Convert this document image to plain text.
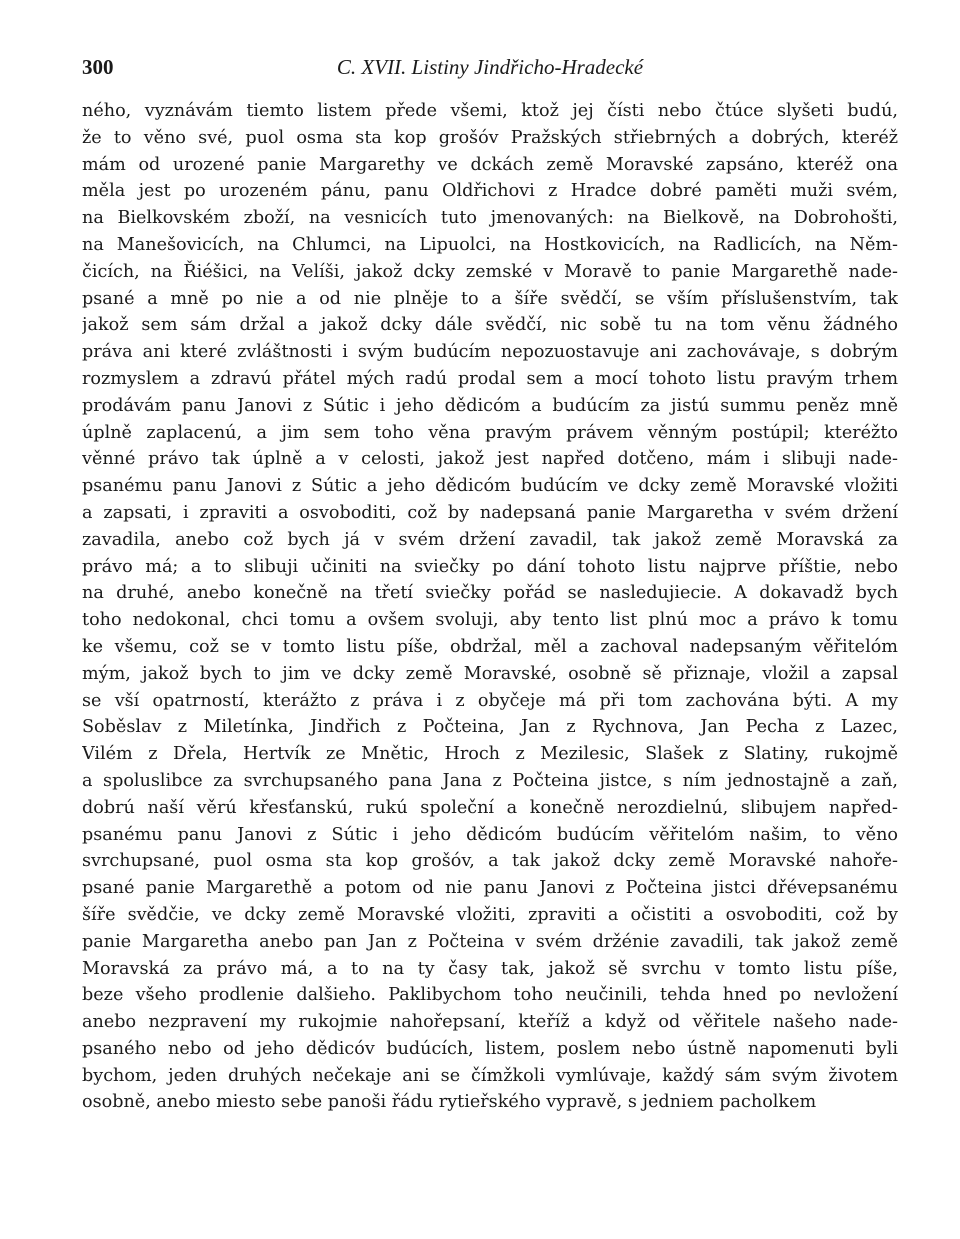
300	C. XVII. Listiny Jindřicho-Hradecké
ného, vyznávám tiemto listem přede všemi, ktož jej čísti nebo čtúce slyšeti budú,
že to věno své, puol osma sta kop grošóv Pražských střiebrných a dobrých, kteréž
mám od urozené panie Margarethy ve dckách země Moravské zapsáno, kteréž ona
měla jest po urozeném pánu, panu Oldřichovi z Hradce dobré paměti muži svém,
na Bielkovském zboží, na vesnicích tuto jmenovaných: na Bielkově, na Dobrohošti,
na Manešovicích, na Chlumci, na Lipuolci, na Hostkovicích, na Radlicích, na Něm-
čicích, na Řiéšici, na Velíši, jakož dcky zemské v Moravě to panie Margarethě nade-
psané a mně po nie a od nie plněje to a šíře svědčí, se vším příslušenstvím, tak
jakož sem sám držal a jakož dcky dále svědčí, nic sobě tu na tom věnu žádného
práva ani které zvláštnosti i svým budúcím nepozuostavuje ani zachovávaje, s dobrým
rozmyslem a zdravú přátel mých radú prodal sem a mocí tohoto listu pravým trhem
prodávám panu Janovi z Sútic i jeho dědicóm a budúcím za jistú summu peněz mně
úplně zaplacenú, a jim sem toho věna pravým právem věnným postúpil; kteréžto
věnné právo tak úplně a v celosti, jakož jest napřed dotčeno, mám i slibuji nade-
psanému panu Janovi z Sútic a jeho dědicóm budúcím ve dcky země Moravské vložiti
a zapsati, i zpraviti a osvoboditi, což by nadepsaná panie Margaretha v svém držení
zavadila, anebo což bych já v svém držení zavadil, tak jakož země Moravská za
právo má; a to slibuji učiniti na sviečky po dání tohoto listu najprve příštie, nebo
na druhé, anebo konečně na třetí sviečky pořád se nasledujiecie. A dokavadž bych
toho nedokonal, chci tomu a ovšem svoluji, aby tento list plnú moc a právo k tomu
ke všemu, což se v tomto listu píše, obdržal, měl a zachoval nadepsaným věřitelóm
mým, jakož bych to jim ve dcky země Moravské, osobně sě přiznaje, vložil a zapsal
se vší opatrností, kterážto z práva i z obyčeje má při tom zachována býti. A my
Soběslav z Miletínka, Jindřich z Počteina, Jan z Rychnova, Jan Pecha z Lazec,
Vilém z Dřela, Hertvík ze Mnětic, Hroch z Mezilesic, Slašek z Slatiny, rukojmě
a spoluslibce za svrchupsaného pana Jana z Počteina jistce, s ním jednostajně a zaň,
dobrú naší věrú křesťanskú, rukú společní a konečně nerozdielnú, slibujem napřed-
psanému panu Janovi z Sútic i jeho dědicóm budúcím věřitelóm našim, to věno
svrchupsané, puol osma sta kop grošóv, a tak jakož dcky země Moravské nahoře-
psané panie Margarethě a potom od nie panu Janovi z Počteina jistci dřévepsanému
šíře svědčie, ve dcky země Moravské vložiti, zpraviti a očistiti a osvoboditi, což by
panie Margaretha anebo pan Jan z Počteina v svém držénie zavadili, tak jakož země
Moravská za právo má, a to na ty časy tak, jakož sě svrchu v tomto listu píše,
beze všeho prodlenie dalšieho. Paklibychom toho neučinili, tehda hned po nevložení
anebo nezpravení my rukojmie nahořepsaní, kteříž a když od věřitele našeho nade-
psaného nebo od jeho dědicóv budúcích, listem, poslem nebo ústně napomenuti byli
bychom, jeden druhých nečekaje ani se čímžkoli vymlúvaje, každý sám svým životem
osobně, anebo miesto sebe panoši řádu rytieřského vypravě, s jedniem pacholkem
